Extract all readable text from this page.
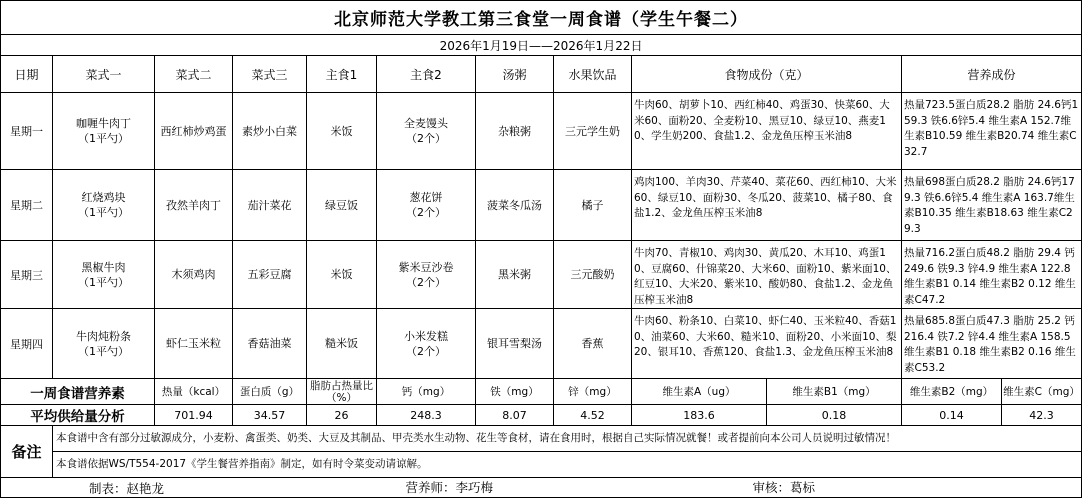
北京师范大学教工第三食堂一周食谱（学生午餐二）											
2026年1月19日——2026年1月22日											
日期	菜式一	菜式二	菜式三	主食1	主食2	汤粥	水果饮品	食物成份（克）		营养成份	
星期一	咖喱牛肉丁
（1平勺）	西红柿炒鸡蛋	素炒小白菜	米饭	全麦馒头
（2个）	杂粮粥	三元学生奶	牛肉60、胡萝卜10、西红柿40、鸡蛋30、快菜60、大米60、面粉20、全麦粉10、黑豆10、绿豆10、燕麦10、学生奶200、食盐1.2、金龙鱼压榨玉米油8		热量723.5蛋白质28.2 脂肪 24.6钙159.3 铁6.6锌5.4 维生素A 152.7维生素B10.59 维生素B20.74 维生素C32.7	
星期二	红烧鸡块
（1平勺）	孜然羊肉丁	茄汁菜花	绿豆饭	葱花饼
（2个）	菠菜冬瓜汤	橘子	鸡肉100、羊肉30、芹菜40、菜花60、西红柿10、大米60、绿豆10、面粉30、冬瓜20、菠菜10、橘子80、食盐1.2、金龙鱼压榨玉米油8		热量698蛋白质28.2 脂肪 24.6钙179.3 铁6.6锌5.4 维生素A 163.7维生素B10.35 维生素B18.63 维生素C29.3	
星期三	黑椒牛肉
（1平勺）	木须鸡肉	五彩豆腐	米饭	紫米豆沙卷
（2个）	黑米粥	三元酸奶	牛肉70、青椒10、鸡肉30、黄瓜20、木耳10、鸡蛋10、豆腐60、什锦菜20、大米60、面粉10、紫米面10、红豆10、大米20、紫米10、酸奶80、食盐1.2、金龙鱼压榨玉米油8		热量716.2蛋白质48.2 脂肪 29.4 钙249.6 铁9.3 锌4.9 维生素A 122.8维生素B1 0.14 维生素B2 0.12 维生素C47.2	
星期四	牛肉炖粉条
（1平勺）	虾仁玉米粒	香菇油菜	糙米饭	小米发糕
（2个）	银耳雪梨汤	香蕉	牛肉60、粉条10、白菜10、虾仁40、玉米粒40、香菇10、油菜60、大米60、糙米10、面粉20、小米面10、梨20、银耳10、香蕉120、食盐1.3、金龙鱼压榨玉米油8		热量685.8蛋白质47.3 脂肪 25.2 钙216.4 铁7.2 锌4.4 维生素A 158.5维生素B1 0.18 维生素B2 0.16 维生素C53.2	
一周食谱营养素		热量（kcal）	蛋白质（g）	脂肪占热量比（%）	钙（mg）	铁（mg）	锌（mg）	维生素A（ug）	维生素B1（mg）	维生素B2（mg）	维生素C（mg）
平均供给量分析		701.94	34.57	26	248.3	8.07	4.52	183.6	0.18	0.14	42.3
备注	本食谱中含有部分过敏源成分，小麦粉、禽蛋类、奶类、大豆及其制品、甲壳类水生动物、花生等食材，请在食用时，根据自己实际情况就餐！或者提前向本公司人员说明过敏情况！										
	本食谱依据WS/T554-2017《学生餐营养指南》制定，如有时令菜变动请谅解。										
制表：赵艳龙 营养师：李巧梅 审核：葛标											
